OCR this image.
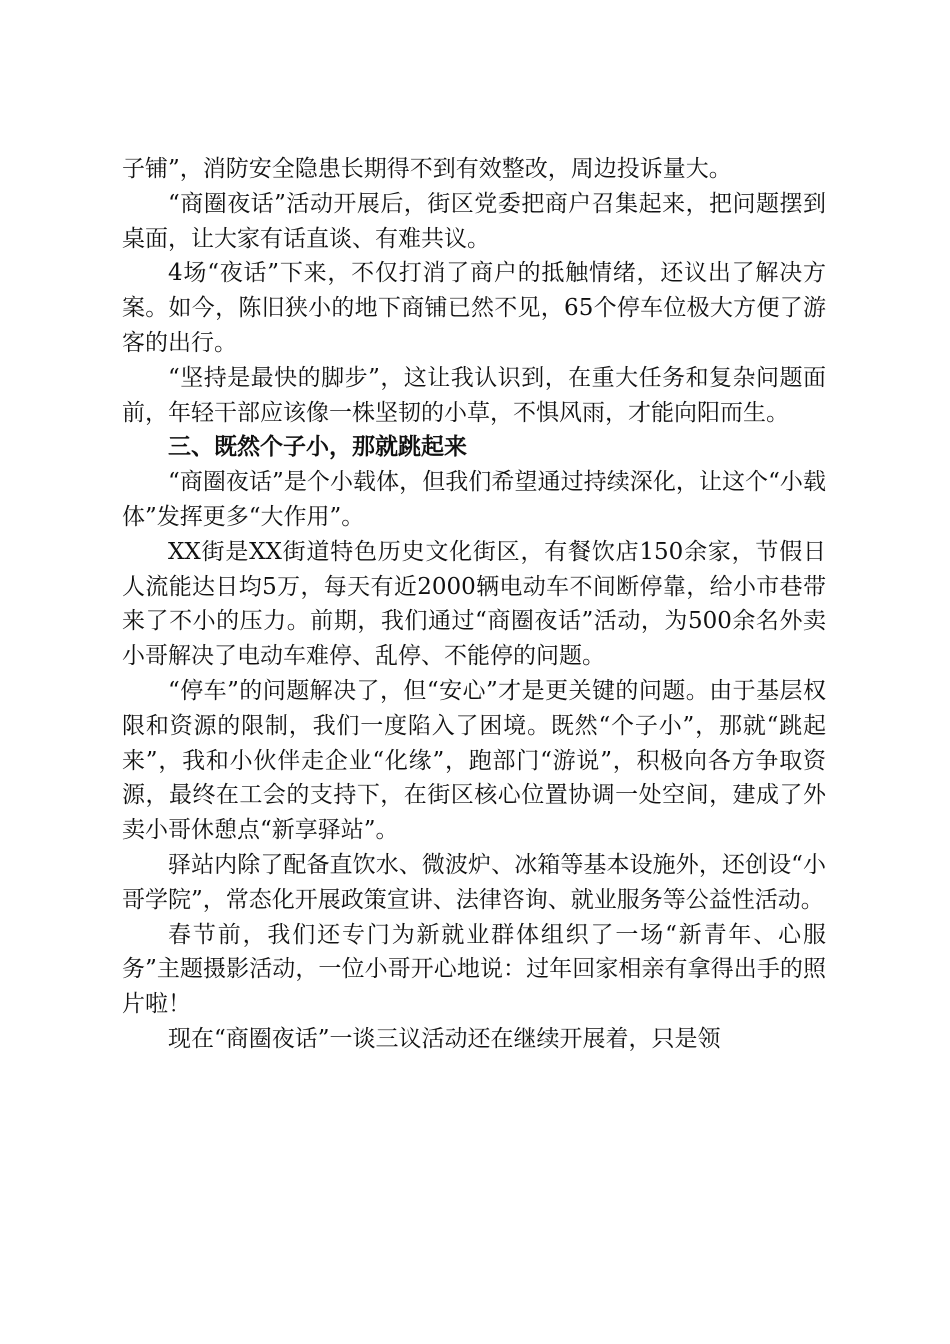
子铺”，消防安全隐患长期得不到有效整改，周边投诉量大。

“商圈夜话”活动开展后，街区党委把商户召集起来，把问题摆到桌面，让大家有话直谈、有难共议。

4场“夜话”下来，不仅打消了商户的抵触情绪，还议出了解决方案。如今，陈旧狭小的地下商铺已然不见，65个停车位极大方便了游客的出行。

“坚持是最快的脚步”，这让我认识到，在重大任务和复杂问题面前，年轻干部应该像一株坚韧的小草，不惧风雨，才能向阳而生。

三、既然个子小，那就跳起来

“商圈夜话”是个小载体，但我们希望通过持续深化，让这个“小载体”发挥更多“大作用”。

XX街是XX街道特色历史文化街区，有餐饮店150余家，节假日人流能达日均5万，每天有近2000辆电动车不间断停靠，给小市巷带来了不小的压力。前期，我们通过“商圈夜话”活动，为500余名外卖小哥解决了电动车难停、乱停、不能停的问题。

“停车”的问题解决了，但“安心”才是更关键的问题。由于基层权限和资源的限制，我们一度陷入了困境。既然“个子小”，那就“跳起来”，我和小伙伴走企业“化缘”，跑部门“游说”，积极向各方争取资源，最终在工会的支持下，在街区核心位置协调一处空间，建成了外卖小哥休憩点“新享驿站”。

驿站内除了配备直饮水、微波炉、冰箱等基本设施外，还创设“小哥学院”，常态化开展政策宣讲、法律咨询、就业服务等公益性活动。

春节前，我们还专门为新就业群体组织了一场“新青年、心服务”主题摄影活动，一位小哥开心地说：过年回家相亲有拿得出手的照片啦！

现在“商圈夜话”一谈三议活动还在继续开展着，只是领
